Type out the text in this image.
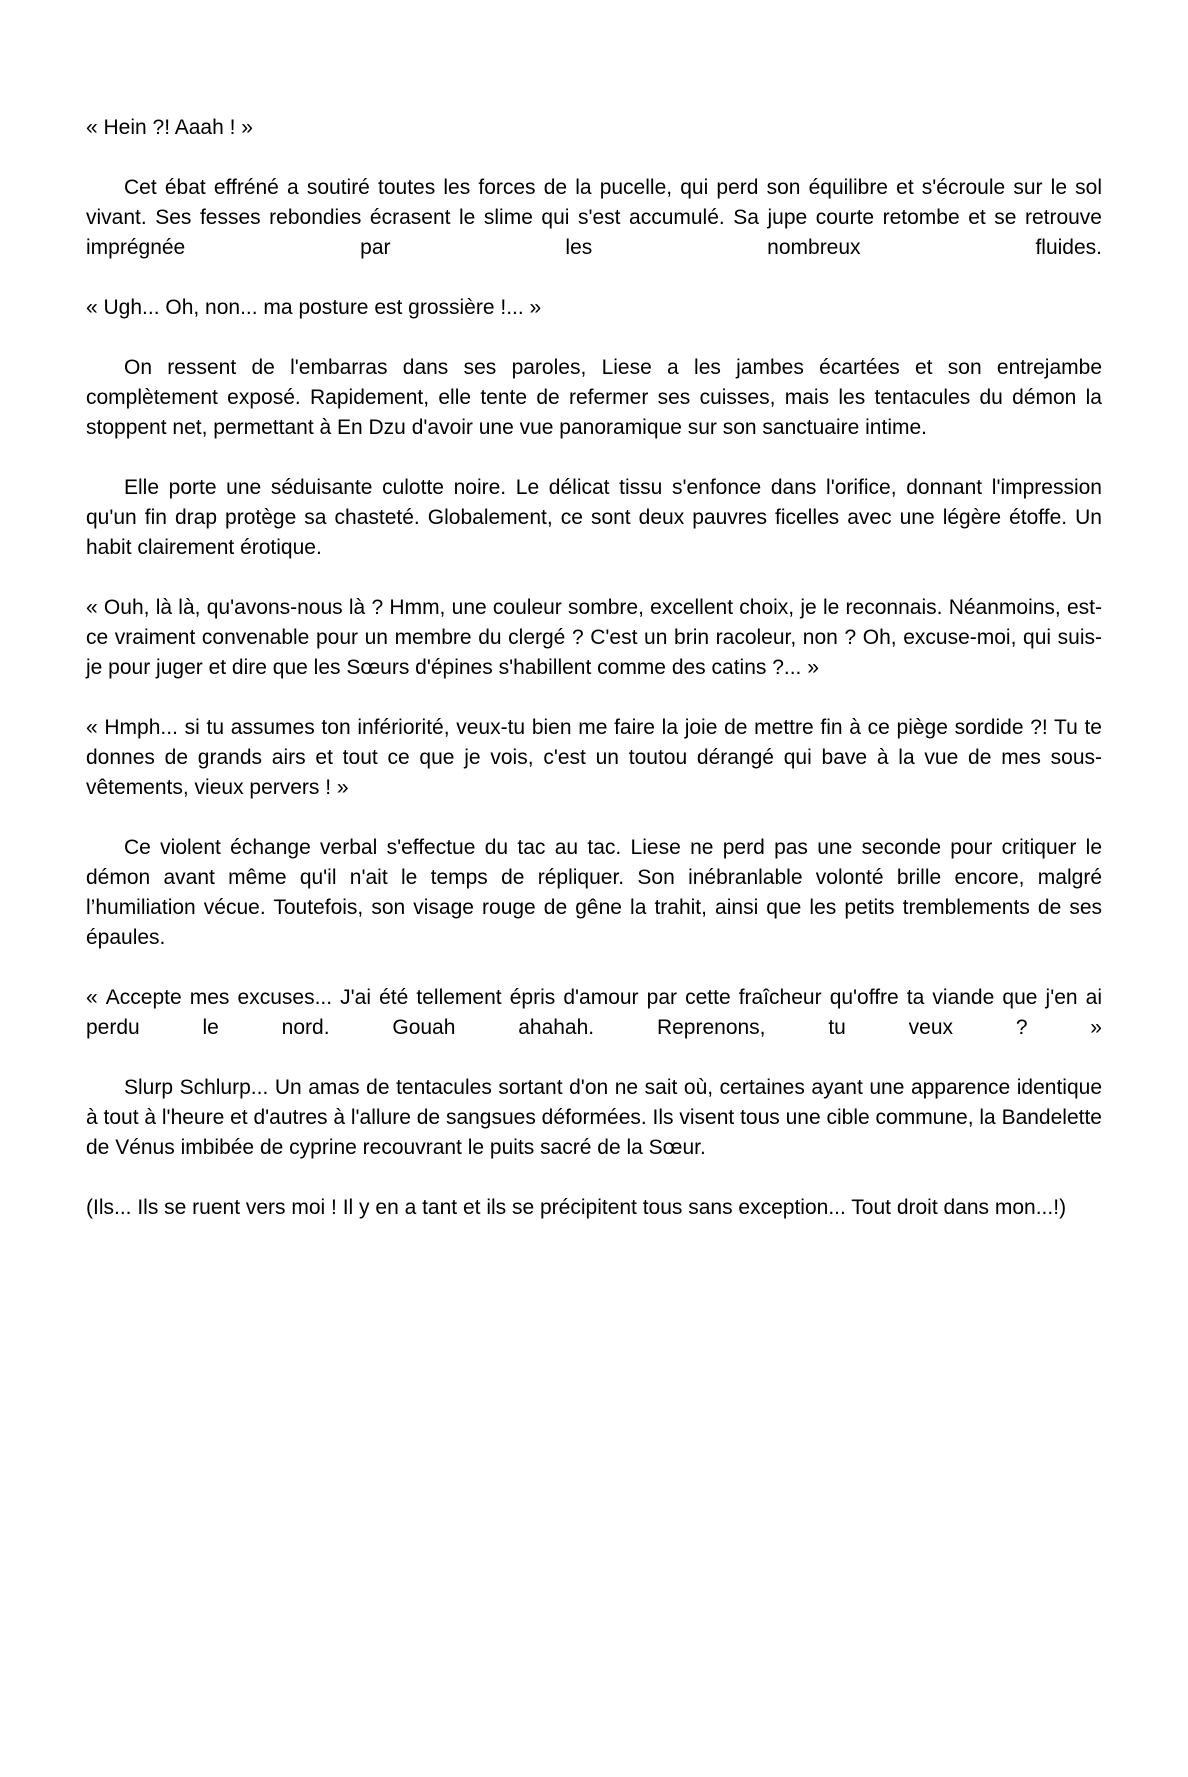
« Hein ?! Aaah ! »

Cet ébat effréné a soutiré toutes les forces de la pucelle, qui perd son équilibre et s'écroule sur le sol vivant. Ses fesses rebondies écrasent le slime qui s'est accumulé. Sa jupe courte retombe et se retrouve imprégnée par les nombreux fluides.

« Ugh... Oh, non... ma posture est grossière !... »

On ressent de l'embarras dans ses paroles, Liese a les jambes écartées et son entrejambe complètement exposé. Rapidement, elle tente de refermer ses cuisses, mais les tentacules du démon la stoppent net, permettant à En Dzu d'avoir une vue panoramique sur son sanctuaire intime.

Elle porte une séduisante culotte noire. Le délicat tissu s'enfonce dans l'orifice, donnant l'impression qu'un fin drap protège sa chasteté. Globalement, ce sont deux pauvres ficelles avec une légère étoffe. Un habit clairement érotique.

« Ouh, là là, qu'avons-nous là ? Hmm, une couleur sombre, excellent choix, je le reconnais. Néanmoins, est-ce vraiment convenable pour un membre du clergé ? C'est un brin racoleur, non ? Oh, excuse-moi, qui suis-je pour juger et dire que les Sœurs d'épines s'habillent comme des catins ?... »

« Hmph... si tu assumes ton infériorité, veux-tu bien me faire la joie de mettre fin à ce piège sordide ?! Tu te donnes de grands airs et tout ce que je vois, c'est un toutou dérangé qui bave à la vue de mes sous-vêtements, vieux pervers ! »

Ce violent échange verbal s'effectue du tac au tac. Liese ne perd pas une seconde pour critiquer le démon avant même qu'il n'ait le temps de répliquer. Son inébranlable volonté brille encore, malgré l’humiliation vécue. Toutefois, son visage rouge de gêne la trahit, ainsi que les petits tremblements de ses épaules.

« Accepte mes excuses... J'ai été tellement épris d'amour par cette fraîcheur qu'offre ta viande que j'en ai perdu le nord. Gouah ahahah. Reprenons, tu veux ? »

Slurp Schlurp... Un amas de tentacules sortant d'on ne sait où, certaines ayant une apparence identique à tout à l'heure et d'autres à l'allure de sangsues déformées. Ils visent tous une cible commune, la Bandelette de Vénus imbibée de cyprine recouvrant le puits sacré de la Sœur.

(Ils... Ils se ruent vers moi ! Il y en a tant et ils se précipitent tous sans exception... Tout droit dans mon...!)
